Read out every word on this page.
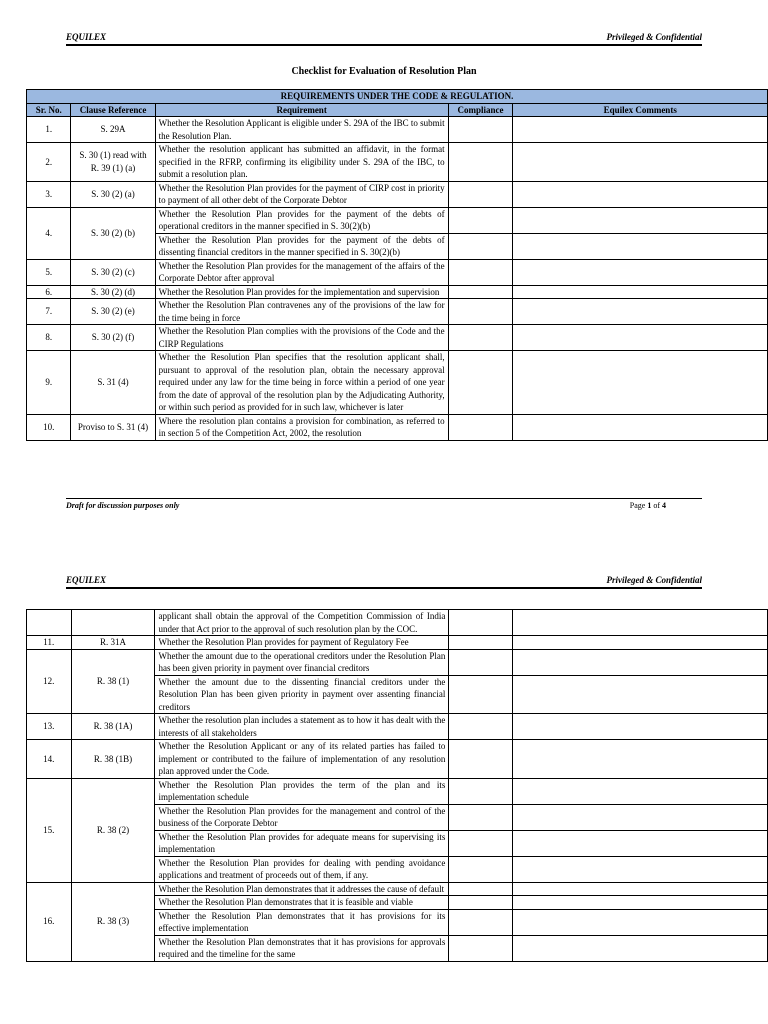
EQUILEX	Privileged & Confidential
Checklist for Evaluation of Resolution Plan
REQUIREMENTS UNDER THE CODE & REGULATION.				
Sr. No.	Clause Reference	Requirement	Compliance	Equilex Comments
1.	S. 29A	Whether the Resolution Applicant is eligible under S. 29A of the IBC to submit the Resolution Plan.		
2.	S. 30 (1) read with R. 39 (1) (a)	Whether the resolution applicant has submitted an affidavit, in the format specified in the RFRP, confirming its eligibility under S. 29A of the IBC, to submit a resolution plan.		
3.	S. 30 (2) (a)	Whether the Resolution Plan provides for the payment of CIRP cost in priority to payment of all other debt of the Corporate Debtor		
4.	S. 30 (2) (b)	Whether the Resolution Plan provides for the payment of the debts of operational creditors in the manner specified in S. 30(2)(b)		
		Whether the Resolution Plan provides for the payment of the debts of dissenting financial creditors in the manner specified in S. 30(2)(b)		
5.	S. 30 (2) (c)	Whether the Resolution Plan provides for the management of the affairs of the Corporate Debtor after approval		
6.	S. 30 (2) (d)	Whether the Resolution Plan provides for the implementation and supervision		
7.	S. 30 (2) (e)	Whether the Resolution Plan contravenes any of the provisions of the law for the time being in force		
8.	S. 30 (2) (f)	Whether the Resolution Plan complies with the provisions of the Code and the CIRP Regulations		
9.	S. 31 (4)	Whether the Resolution Plan specifies that the resolution applicant shall, pursuant to approval of the resolution plan, obtain the necessary approval required under any law for the time being in force within a period of one year from the date of approval of the resolution plan by the Adjudicating Authority, or within such period as provided for in such law, whichever is later		
10.	Proviso to S. 31 (4)	Where the resolution plan contains a provision for combination, as referred to in section 5 of the Competition Act, 2002, the resolution		
Draft for discussion purposes only	Page 1 of 4
EQUILEX	Privileged & Confidential
		applicant shall obtain the approval of the Competition Commission of India under that Act prior to the approval of such resolution plan by the COC.		
11.	R. 31A	Whether the Resolution Plan provides for payment of Regulatory Fee		
12.	R. 38 (1)	Whether the amount due to the operational creditors under the Resolution Plan has been given priority in payment over financial creditors		
		Whether the amount due to the dissenting financial creditors under the Resolution Plan has been given priority in payment over assenting financial creditors		
13.	R. 38 (1A)	Whether the resolution plan includes a statement as to how it has dealt with the interests of all stakeholders		
14.	R. 38 (1B)	Whether the Resolution Applicant or any of its related parties has failed to implement or contributed to the failure of implementation of any resolution plan approved under the Code.		
15.	R. 38 (2)	Whether the Resolution Plan provides the term of the plan and its implementation schedule		
		Whether the Resolution Plan provides for the management and control of the business of the Corporate Debtor		
		Whether the Resolution Plan provides for adequate means for supervising its implementation		
		Whether the Resolution Plan provides for dealing with pending avoidance applications and treatment of proceeds out of them, if any.		
16.	R. 38 (3)	Whether the Resolution Plan demonstrates that it addresses the cause of default		
		Whether the Resolution Plan demonstrates that it is feasible and viable		
		Whether the Resolution Plan demonstrates that it has provisions for its effective implementation		
		Whether the Resolution Plan demonstrates that it has provisions for approvals required and the timeline for the same		
